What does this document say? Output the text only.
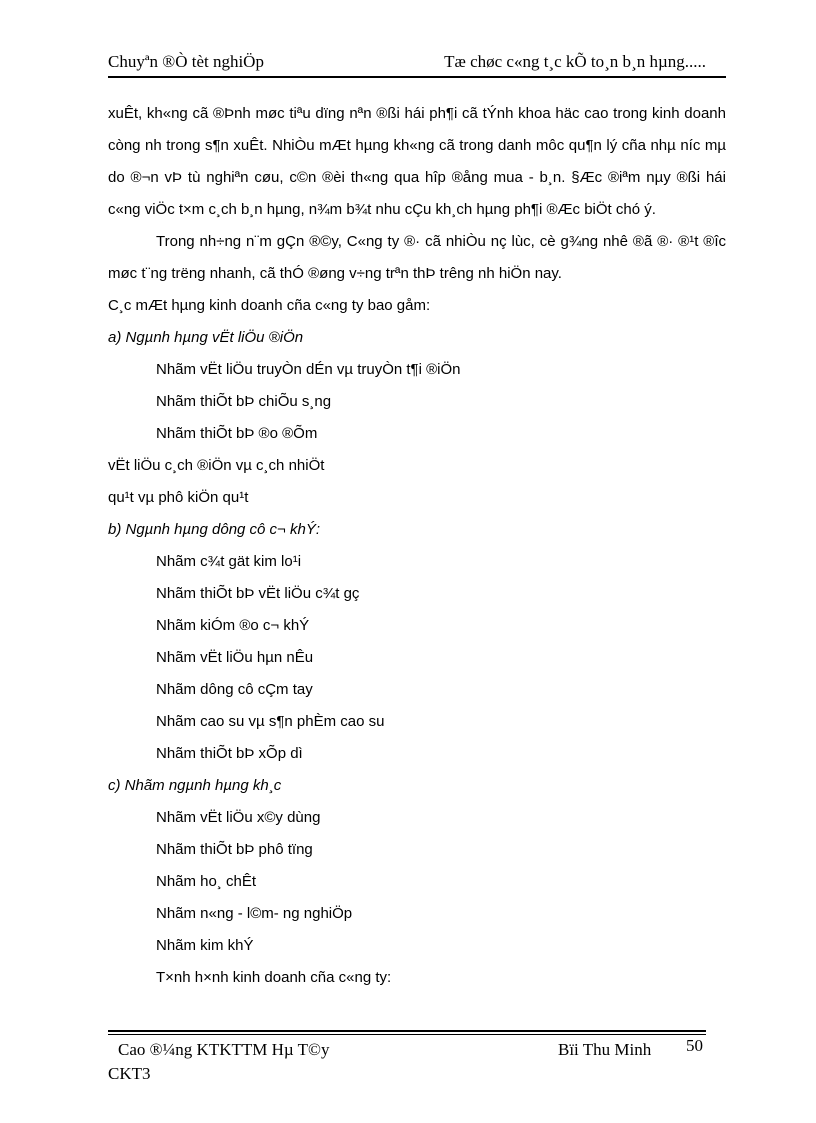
Chuyªn ®Ò tèt nghiÖp	Tæ chøc c«ng t¸c kÕ to¸n b¸n hµng.....

xuÊt, kh«ng cã ®Þnh møc tiªu dïng nªn ®ßi hái ph¶i cã tÝnh khoa häc cao trong kinh doanh còng nh trong s¶n xuÊt. NhiÒu mÆt hµng kh«ng cã trong danh môc qu¶n lý cña nhµ níc mµ do ®¬n vÞ tù nghiªn cøu, c©n ®èi th«ng qua hîp ®ång mua - b¸n. §Æc ®iªm nµy ®ßi hái c«ng viÖc t×m c¸ch b¸n hµng, n¾m b¾t nhu cÇu kh¸ch hµng ph¶i ®Æc biÖt chó ý.

Trong nh÷ng n¨m gÇn ®©y, C«ng ty ®· cã nhiÒu nç lùc, cè g¾ng nhê ®ã ®· ®¹t ®îc møc t¨ng trëng nhanh, cã thÓ ®øng v÷ng trªn thÞ trêng nh hiÖn nay.

C¸c mÆt hµng kinh doanh cña c«ng ty bao gåm:

a) Ngµnh hµng vËt liÖu ®iÖn

Nhãm vËt liÖu truyÒn dÉn vµ truyÒn t¶i ®iÖn

Nhãm thiÕt bÞ chiÕu s¸ng

Nhãm thiÕt bÞ ®o ®Õm

vËt liÖu c¸ch ®iÖn vµ c¸ch nhiÖt

qu¹t vµ phô kiÖn qu¹t

b) Ngµnh hµng dông cô c¬ khÝ:

Nhãm c¾t gät kim lo¹i

Nhãm thiÕt bÞ vËt liÖu c¾t gç

Nhãm kiÓm ®o c¬ khÝ

Nhãm vËt liÖu hµn nÊu

Nhãm dông cô cÇm tay

Nhãm cao su vµ s¶n phÈm cao su

Nhãm thiÕt bÞ xÕp dì

c) Nhãm ngµnh hµng kh¸c

Nhãm vËt liÖu x©y dùng

Nhãm thiÕt bÞ phô tïng

Nhãm ho¸ chÊt

Nhãm n«ng - l©m- ng nghiÖp

Nhãm kim khÝ

T×nh h×nh kinh doanh cña c«ng ty:

Cao ®¼ng KTKTTM Hµ T©y	Bïi Thu Minh 50
CKT3
